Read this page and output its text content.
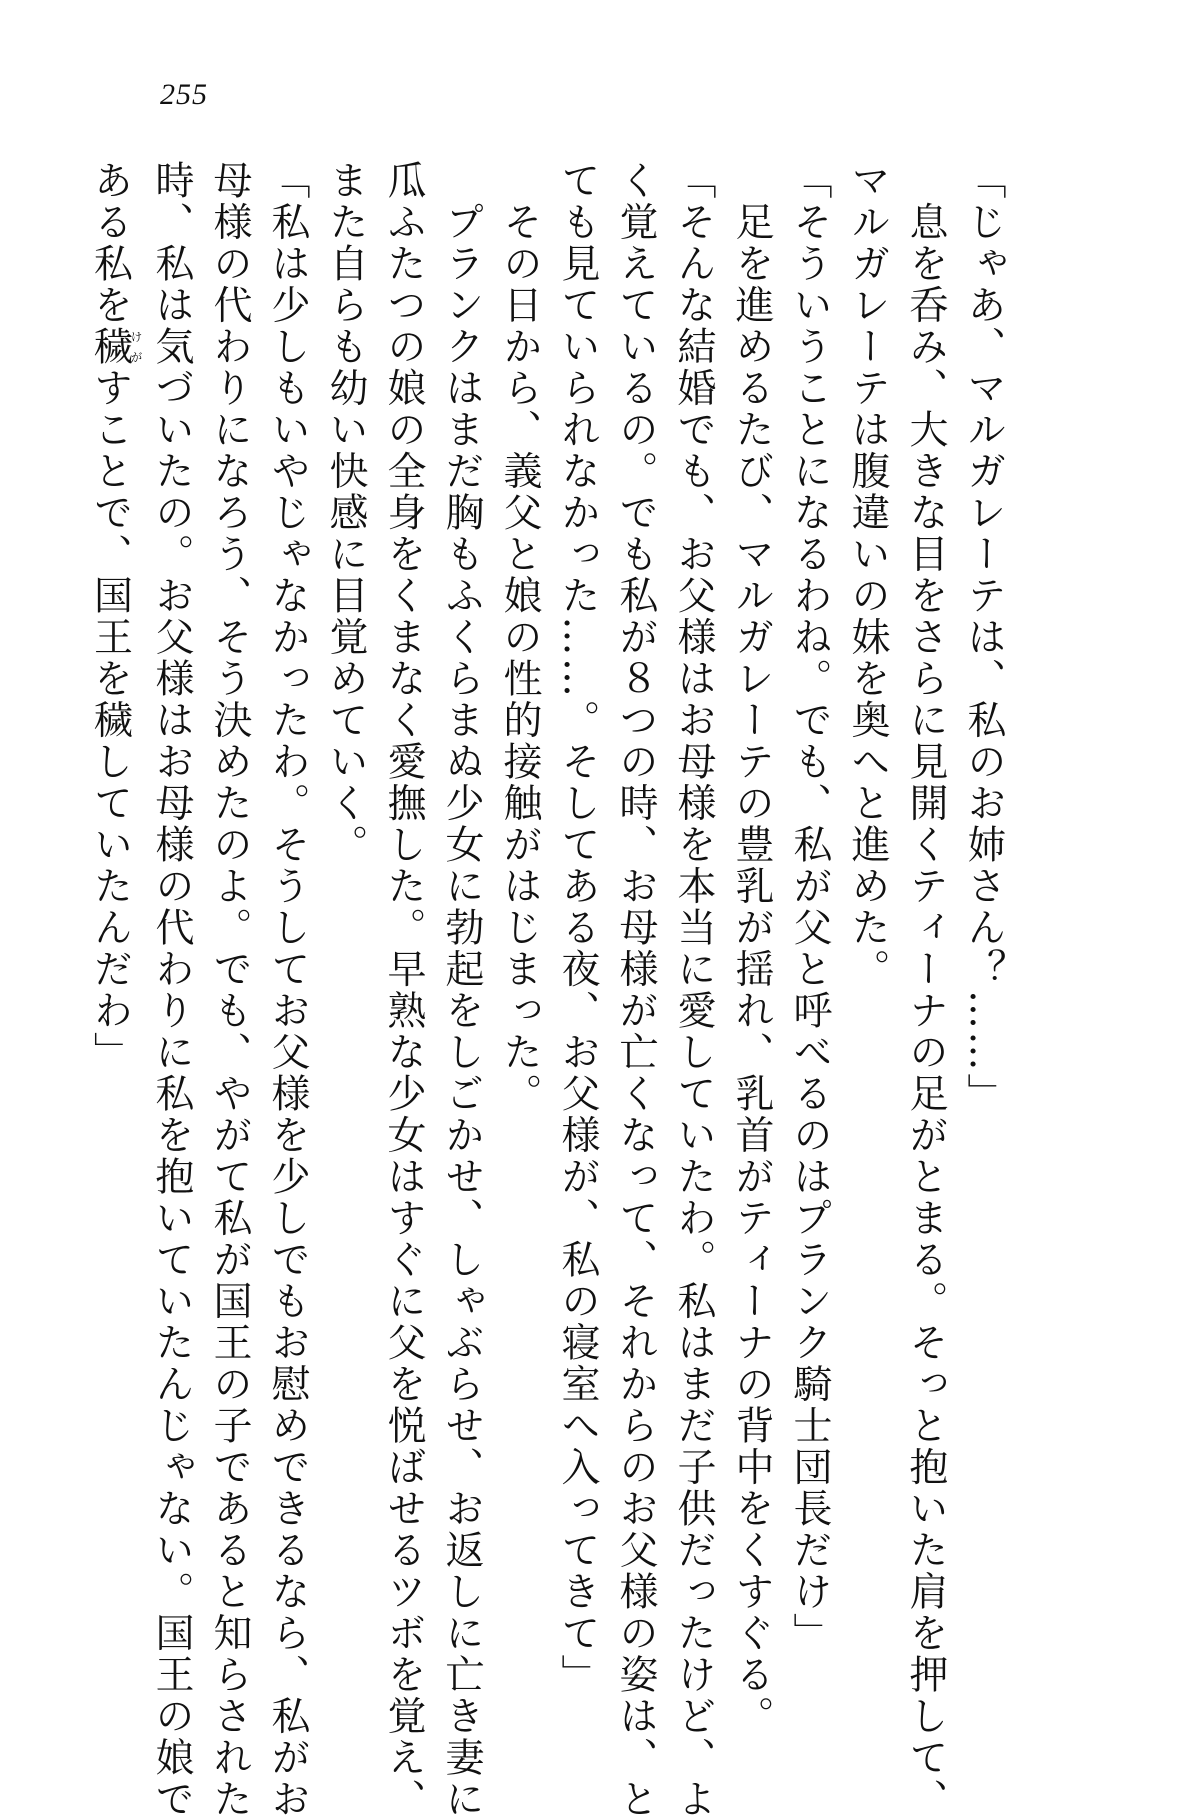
255
「じゃあ、マルガレーテは、私のお姉さん？……」
　息を呑み、大きな目をさらに見開くティーナの足がとまる。そっと抱いた肩を押して、
マルガレーテは腹違いの妹を奥へと進めた。
「そういうことになるわね。でも、私が父と呼べるのはプランク騎士団長だけ」
　足を進めるたび、マルガレーテの豊乳が揺れ、乳首がティーナの背中をくすぐる。
「そんな結婚でも、お父様はお母様を本当に愛していたわ。私はまだ子供だったけど、よ
く覚えているの。でも私が８つの時、お母様が亡くなって、それからのお父様の姿は、と
ても見ていられなかった……。そしてある夜、お父様が、私の寝室へ入ってきて」
　その日から、義父と娘の性的接触がはじまった。
　プランクはまだ胸もふくらまぬ少女に勃起をしごかせ、しゃぶらせ、お返しに亡き妻に
瓜ふたつの娘の全身をくまなく愛撫した。早熟な少女はすぐに父を悦ばせるツボを覚え、
また自らも幼い快感に目覚めていく。
「私は少しもいやじゃなかったわ。そうしてお父様を少しでもお慰めできるなら、私がお
母様の代わりになろう、そう決めたのよ。でも、やがて私が国王の子であると知らされた
時、私は気づいたの。お父様はお母様の代わりに私を抱いていたんじゃない。国王の娘で
ある私を穢けがすことで、国王を穢していたんだわ」
